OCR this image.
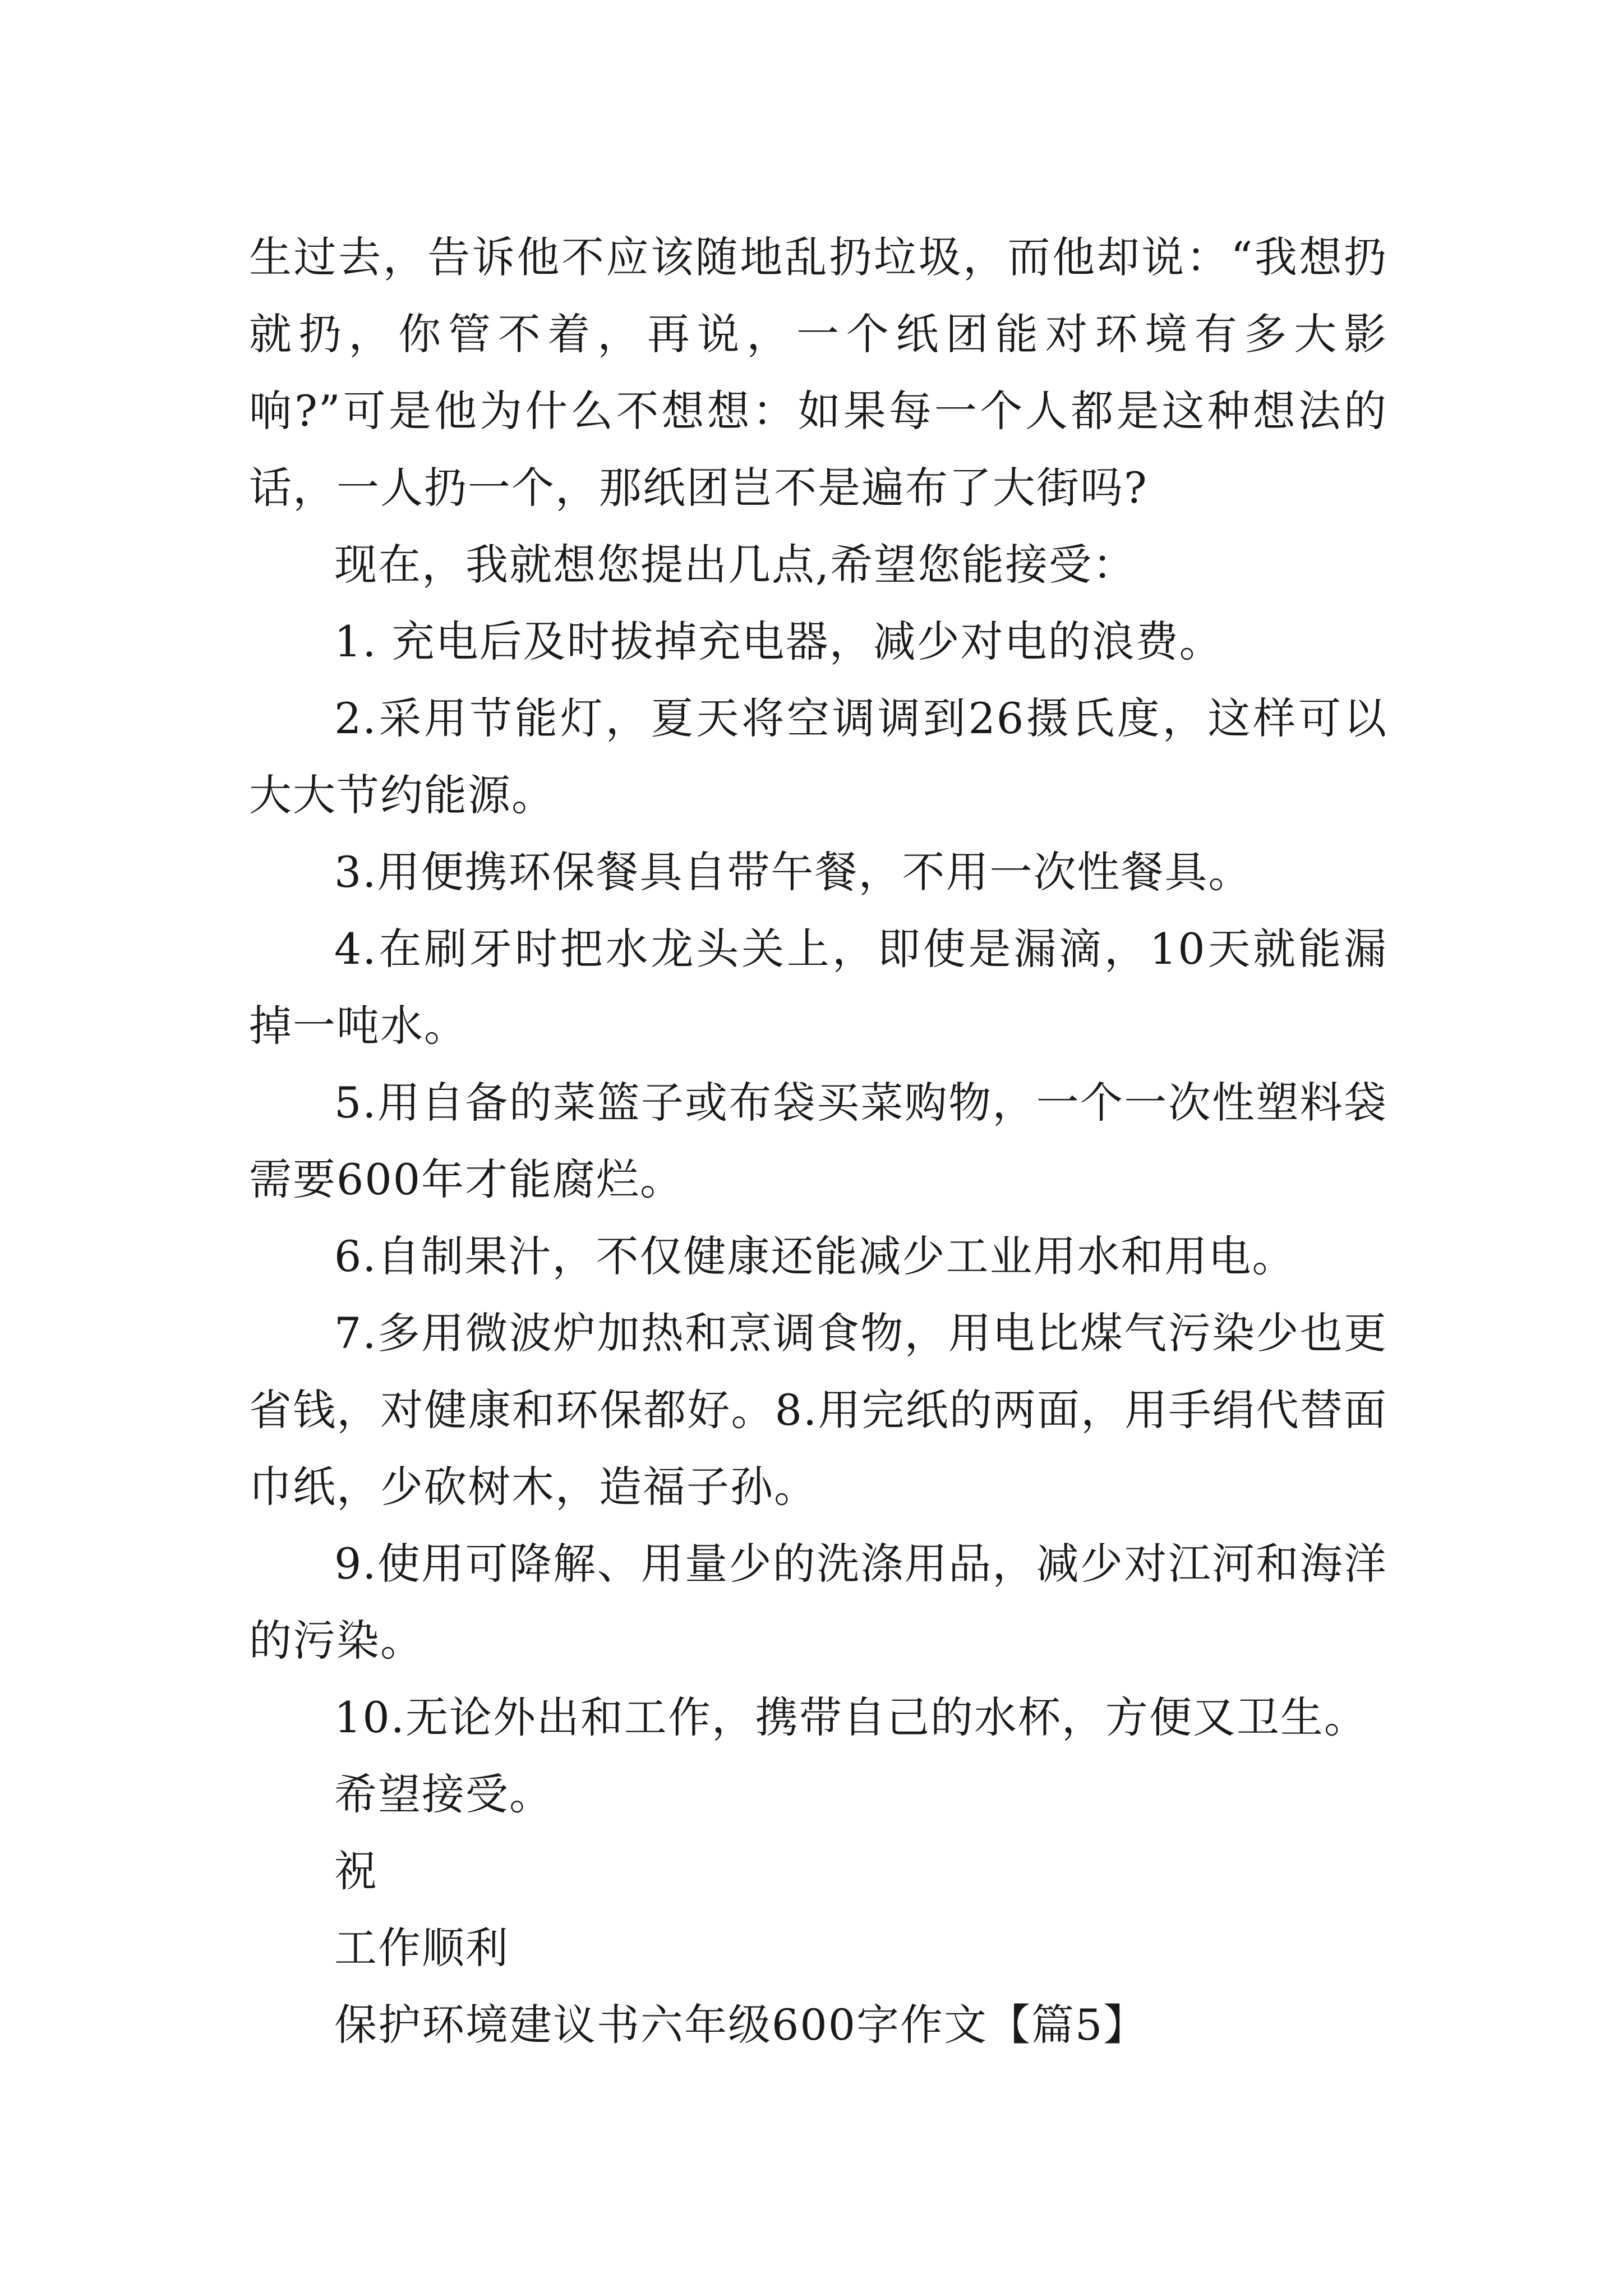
生过去，告诉他不应该随地乱扔垃圾，而他却说：“我想扔就扔，你管不着，再说，一个纸团能对环境有多大影响?”可是他为什么不想想：如果每一个人都是这种想法的话，一人扔一个，那纸团岂不是遍布了大街吗?

现在，我就想您提出几点,希望您能接受：

1. 充电后及时拔掉充电器，减少对电的浪费。

2.采用节能灯，夏天将空调调到26摄氏度，这样可以大大节约能源。

3.用便携环保餐具自带午餐，不用一次性餐具。

4.在刷牙时把水龙头关上，即使是漏滴，10天就能漏掉一吨水。

5.用自备的菜篮子或布袋买菜购物，一个一次性塑料袋需要600年才能腐烂。

6.自制果汁，不仅健康还能减少工业用水和用电。

7.多用微波炉加热和烹调食物，用电比煤气污染少也更省钱，对健康和环保都好。8.用完纸的两面，用手绢代替面巾纸，少砍树木，造福子孙。

9.使用可降解、用量少的洗涤用品，减少对江河和海洋的污染。

10.无论外出和工作，携带自己的水杯，方便又卫生。

希望接受。

祝

工作顺利

保护环境建议书六年级600字作文【篇5】
